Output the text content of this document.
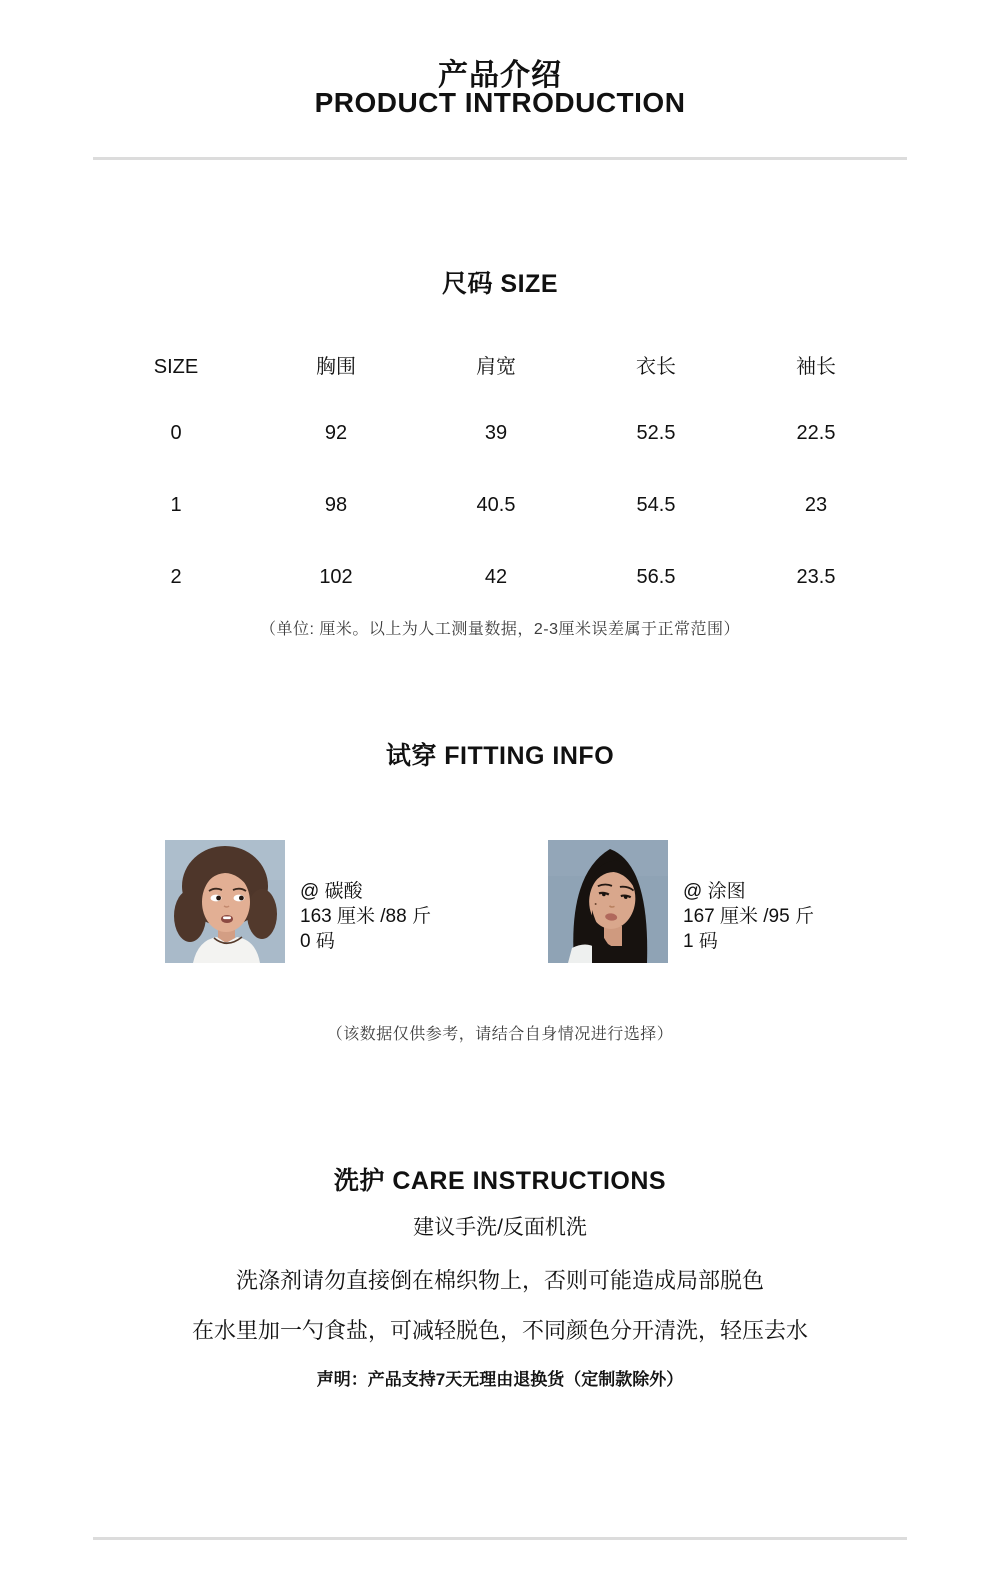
产品介绍
PRODUCT INTRODUCTION
尺码 SIZE
SIZE	胸围	肩宽	衣长	袖长
0	92	39	52.5	22.5
1	98	40.5	54.5	23
2	102	42	56.5	23.5
（单位: 厘米。以上为人工测量数据，2-3厘米误差属于正常范围）
试穿 FITTING INFO
@ 碳酸
163 厘米 /88 斤
0 码
@ 涂图
167 厘米 /95 斤
1 码
（该数据仅供参考，请结合自身情况进行选择）
洗护 CARE INSTRUCTIONS
建议手洗/反面机洗
洗涤剂请勿直接倒在棉织物上，否则可能造成局部脱色
在水里加一勺食盐，可减轻脱色，不同颜色分开清洗，轻压去水
声明：产品支持7天无理由退换货（定制款除外）
